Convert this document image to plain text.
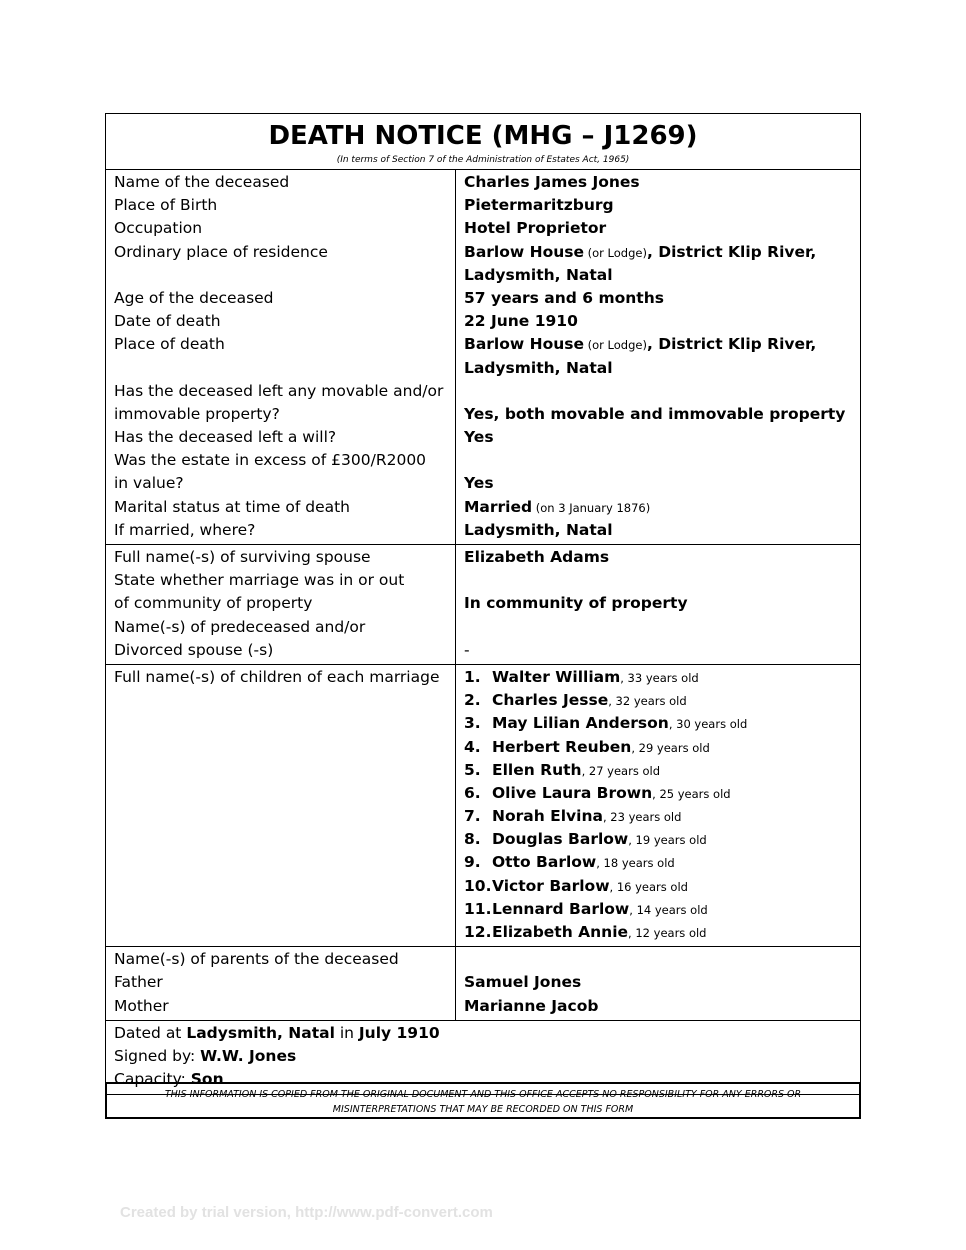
DEATH NOTICE (MHG – J1269)
(In terms of Section 7 of the Administration of Estates Act, 1965)
Name of the deceased
Place of Birth
Occupation
Ordinary place of residence
Age of the deceased
Date of death
Place of death
Has the deceased left any movable and/or
immovable property?
Has the deceased left a will?
Was the estate in excess of £300/R2000
in value?
Marital status at time of death
If married, where?
Charles James Jones
Pietermaritzburg
Hotel Proprietor
Barlow House (or Lodge), District Klip River,
Ladysmith, Natal
57 years and 6 months
22 June 1910
Barlow House (or Lodge), District Klip River,
Ladysmith, Natal
Yes, both movable and immovable property
Yes
Yes
Married (on 3 January 1876)
Ladysmith, Natal
Full name(-s) of surviving spouse
State whether marriage was in or out
of community of property
Name(-s) of predeceased and/or
Divorced spouse (-s)
Elizabeth Adams
In community of property
-
Full name(-s) of children of each marriage	1. Walter William, 33 years old
2. Charles Jesse, 32 years old
3. May Lilian Anderson, 30 years old
4. Herbert Reuben, 29 years old
5. Ellen Ruth, 27 years old
6. Olive Laura Brown, 25 years old
7. Norah Elvina, 23 years old
8. Douglas Barlow, 19 years old
9. Otto Barlow, 18 years old
10.Victor Barlow, 16 years old
11.Lennard Barlow, 14 years old
12.Elizabeth Annie, 12 years old
Name(-s) of parents of the deceased
Father
Mother
Samuel Jones
Marianne Jacob
Dated at Ladysmith, Natal in July 1910
Signed by: W.W. Jones
Capacity: Son
THIS INFORMATION IS COPIED FROM THE ORIGINAL DOCUMENT AND THIS OFFICE ACCEPTS NO RESPONSIBILITY FOR ANY ERRORS OR
MISINTERPRETATIONS THAT MAY BE RECORDED ON THIS FORM
Created by trial version, http://www.pdf-convert.com
